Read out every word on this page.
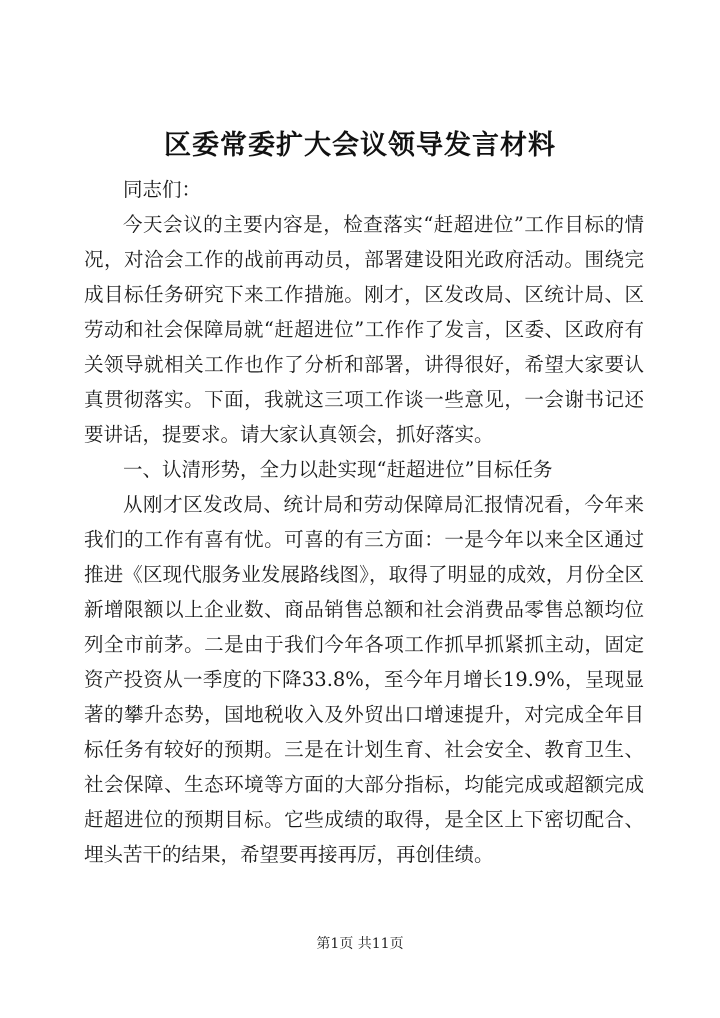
区委常委扩大会议领导发言材料

同志们：

今天会议的主要内容是，检查落实“赶超进位”工作目标的情况，对洽会工作的战前再动员，部署建设阳光政府活动。围绕完成目标任务研究下来工作措施。刚才，区发改局、区统计局、区劳动和社会保障局就“赶超进位”工作作了发言，区委、区政府有关领导就相关工作也作了分析和部署，讲得很好，希望大家要认真贯彻落实。下面，我就这三项工作谈一些意见，一会谢书记还要讲话，提要求。请大家认真领会，抓好落实。

一、认清形势，全力以赴实现“赶超进位”目标任务

从刚才区发改局、统计局和劳动保障局汇报情况看，今年来我们的工作有喜有忧。可喜的有三方面：一是今年以来全区通过推进《区现代服务业发展路线图》，取得了明显的成效，月份全区新增限额以上企业数、商品销售总额和社会消费品零售总额均位列全市前茅。二是由于我们今年各项工作抓早抓紧抓主动，固定资产投资从一季度的下降33.8%，至今年月增长19.9%，呈现显著的攀升态势，国地税收入及外贸出口增速提升，对完成全年目标任务有较好的预期。三是在计划生育、社会安全、教育卫生、社会保障、生态环境等方面的大部分指标，均能完成或超额完成赶超进位的预期目标。它些成绩的取得，是全区上下密切配合、埋头苦干的结果，希望要再接再厉，再创佳绩。

第1页 共11页
